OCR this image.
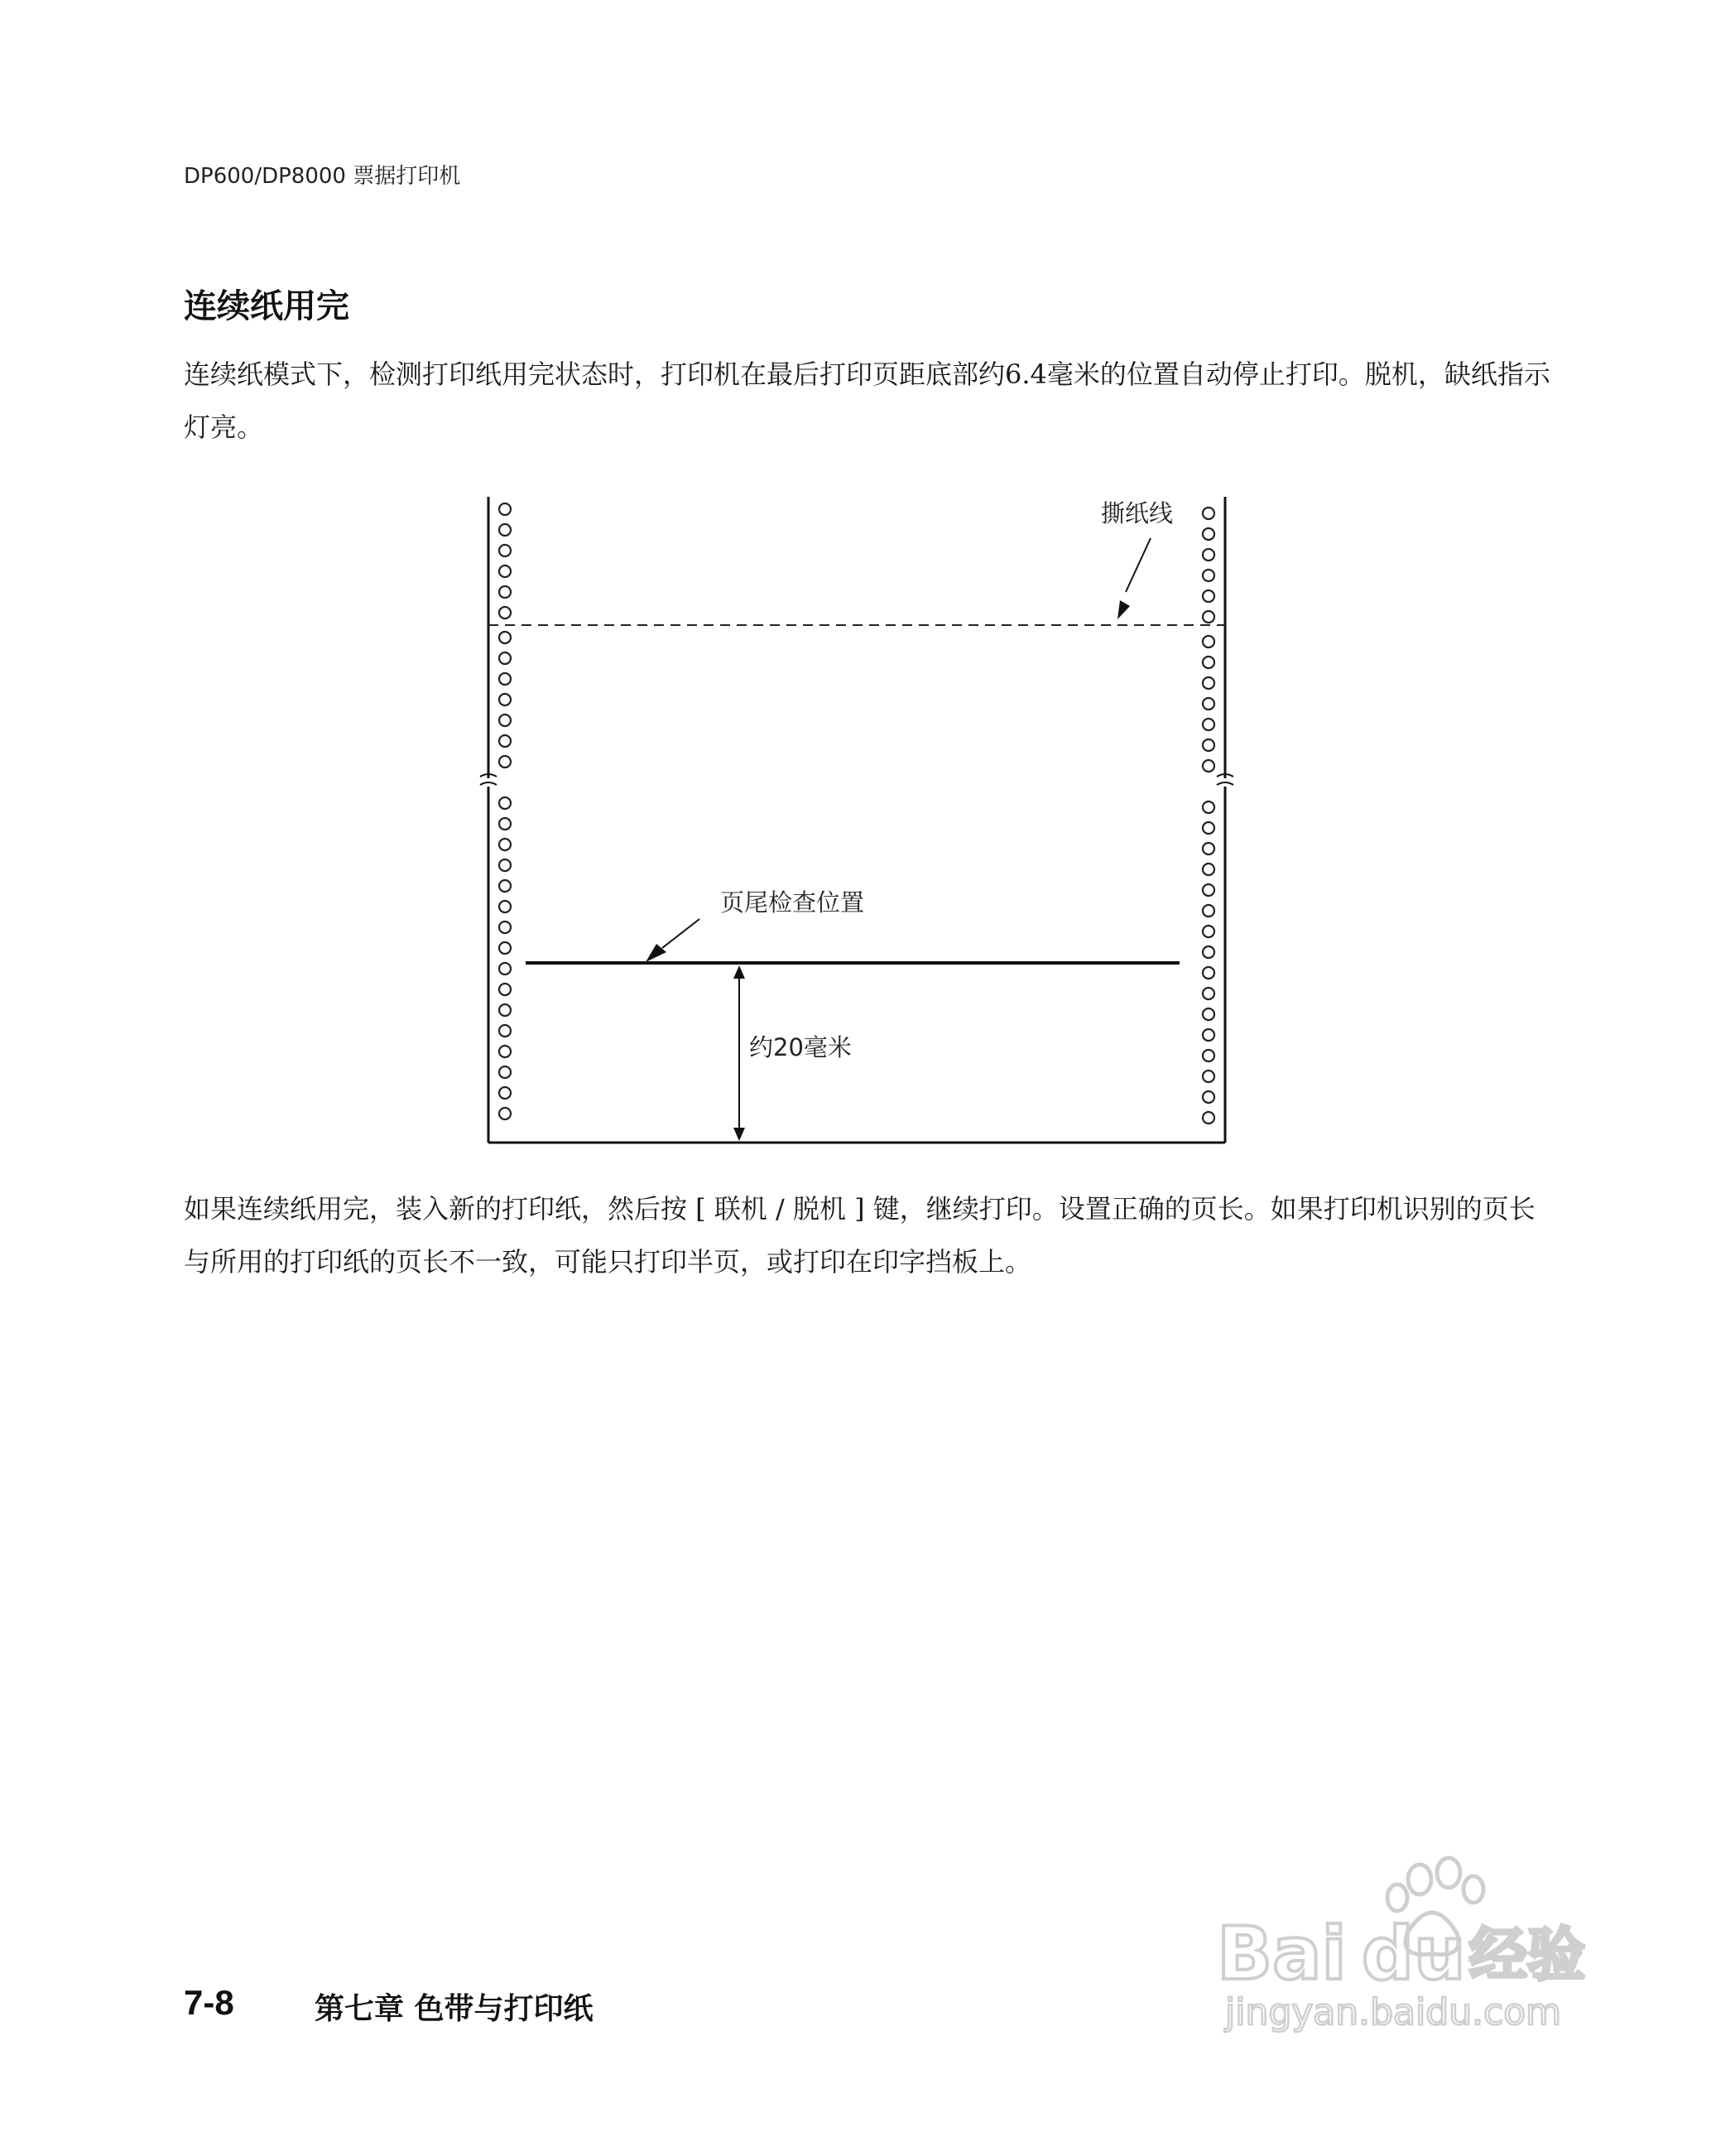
DP600/DP8000 票据打印机
连续纸用完
连续纸模式下，检测打印纸用完状态时，打印机在最后打印页距底部约6.4毫米的位置自动停止打印。脱机，缺纸指示灯亮。
撕纸线
页尾检查位置
约20毫米
如果连续纸用完，装入新的打印纸，然后按 [ 联机 / 脱机 ] 键，继续打印。设置正确的页长。如果打印机识别的页长与所用的打印纸的页长不一致，可能只打印半页，或打印在印字挡板上。
7-8	第七章 色带与打印纸
Bai du 经验
jingyan.baidu.com
